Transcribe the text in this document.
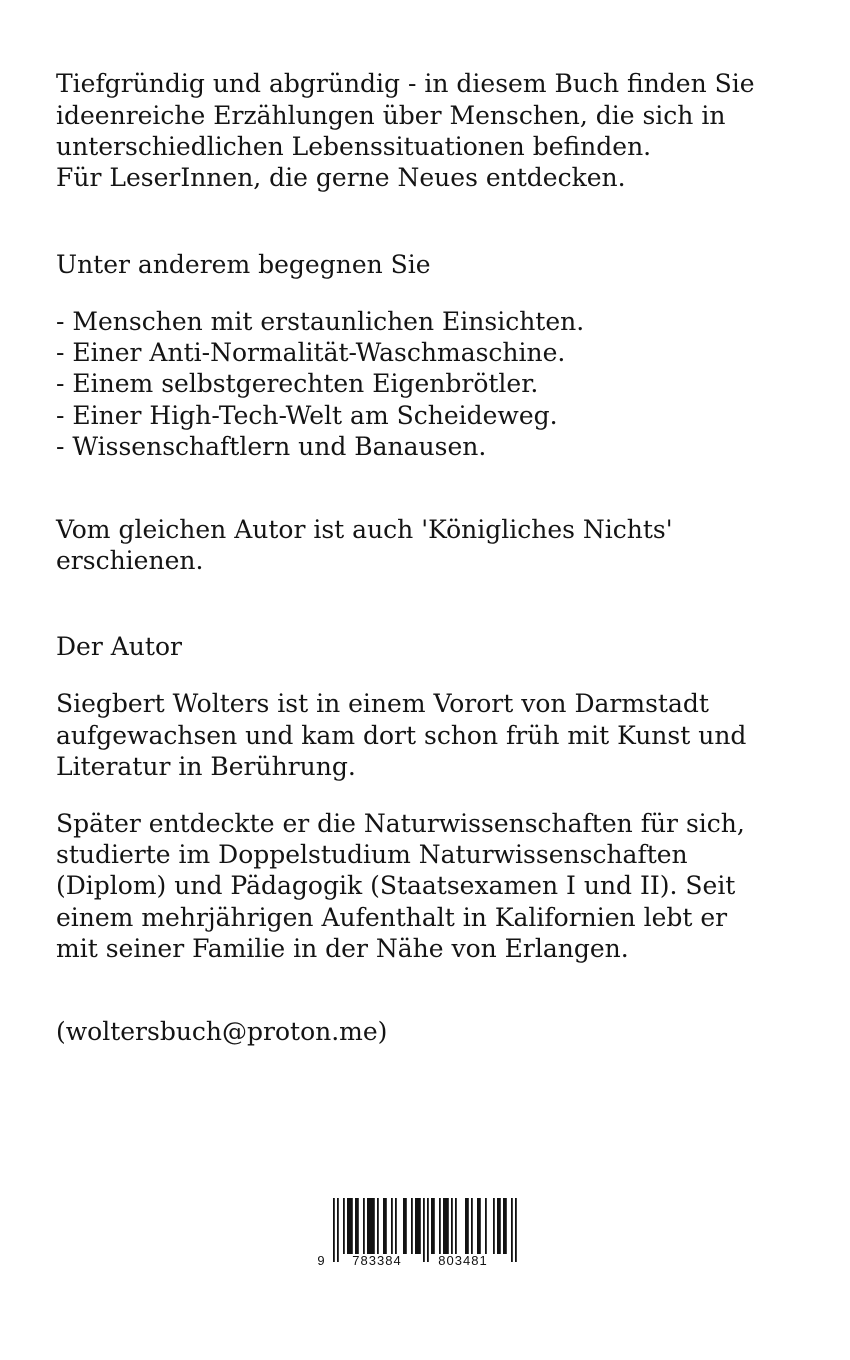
Tiefgründig und abgründig - in diesem Buch finden Sie
ideenreiche Erzählungen über Menschen, die sich in
unterschiedlichen Lebenssituationen befinden.
Für LeserInnen, die gerne Neues entdecken.
Unter anderem begegnen Sie
- Menschen mit erstaunlichen Einsichten.
- Einer Anti-Normalität-Waschmaschine.
- Einem selbstgerechten Eigenbrötler.
- Einer High-Tech-Welt am Scheideweg.
- Wissenschaftlern und Banausen.
Vom gleichen Autor ist auch 'Königliches Nichts'
erschienen.
Der Autor
Siegbert Wolters ist in einem Vorort von Darmstadt
aufgewachsen und kam dort schon früh mit Kunst und
Literatur in Berührung.
Später entdeckte er die Naturwissenschaften für sich,
studierte im Doppelstudium Naturwissenschaften
(Diplom) und Pädagogik (Staatsexamen I und II). Seit
einem mehrjährigen Aufenthalt in Kalifornien lebt er
mit seiner Familie in der Nähe von Erlangen.
(woltersbuch@proton.me)
9 783384	803481
